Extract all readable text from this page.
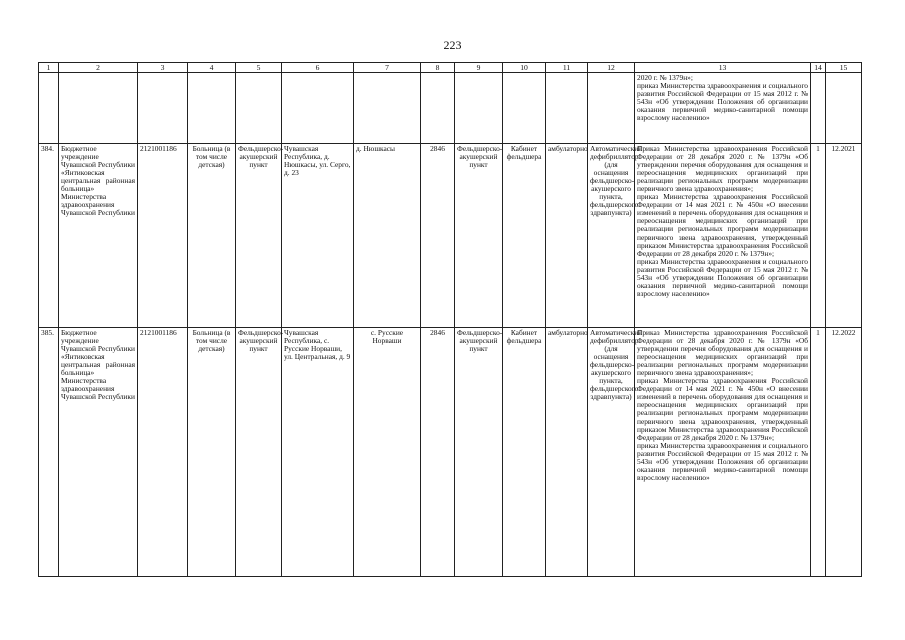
223
1	2	3	4	5	6	7	8	9	10	11	12	13	14	15
												2020 г. № 1379н»;
приказ Министерства здравоохранения и социального развития Российской Федерации от 15 мая 2012 г. № 543н «Об утверждении Положения об организации оказания первичной медико-санитарной помощи взрослому населению»		
384.	Бюджетное учреждение Чувашской Республики «Янтиковская центральная районная больница» Министерства здравоохранения Чувашской Республики	2121001186	Больница (в том числе детская)	Фельдшерско-акушерский пункт	Чувашская Республика, д. Нюшкасы, ул. Серго, д. 23	д. Нюшкасы	2846	Фельдшерско-акушерский пункт	Кабинет фельдшера	амбулаторно	Автоматический дефибриллятор (для оснащения фельдшерско-акушерского пункта, фельдшерского здравпункта)	Приказ Министерства здравоохранения Российской Федерации от 28 декабря 2020 г. № 1379н «Об утверждении перечня оборудования для оснащения и переоснащения медицинских организаций при реализации региональных программ модернизации первичного звена здравоохранения»;
приказ Министерства здравоохранения Российской Федерации от 14 мая 2021 г. № 450н «О внесении изменений в перечень оборудования для оснащения и переоснащения медицинских организаций при реализации региональных программ модернизации первичного звена здравоохранения, утвержденный приказом Министерства здравоохранения Российской Федерации от 28 декабря 2020 г. № 1379н»;
приказ Министерства здравоохранения и социального развития Российской Федерации от 15 мая 2012 г. № 543н «Об утверждении Положения об организации оказания первичной медико-санитарной помощи взрослому населению»	1	12.2021
385.	Бюджетное учреждение Чувашской Республики «Янтиковская центральная районная больница» Министерства здравоохранения Чувашской Республики	2121001186	Больница (в том числе детская)	Фельдшерско-акушерский пункт	Чувашская Республика, с. Русские Норваши, ул. Центральная, д. 9	с. Русские Норваши	2846	Фельдшерско-акушерский пункт	Кабинет фельдшера	амбулаторно	Автоматический дефибриллятор (для оснащения фельдшерско-акушерского пункта, фельдшерского здравпункта)	Приказ Министерства здравоохранения Российской Федерации от 28 декабря 2020 г. № 1379н «Об утверждении перечня оборудования для оснащения и переоснащения медицинских организаций при реализации региональных программ модернизации первичного звена здравоохранения»;
приказ Министерства здравоохранения Российской Федерации от 14 мая 2021 г. № 450н «О внесении изменений в перечень оборудования для оснащения и переоснащения медицинских организаций при реализации региональных программ модернизации первичного звена здравоохранения, утвержденный приказом Министерства здравоохранения Российской Федерации от 28 декабря 2020 г. № 1379н»;
приказ Министерства здравоохранения и социального развития Российской Федерации от 15 мая 2012 г. № 543н «Об утверждении Положения об организации оказания первичной медико-санитарной помощи взрослому населению»	1	12.2022
